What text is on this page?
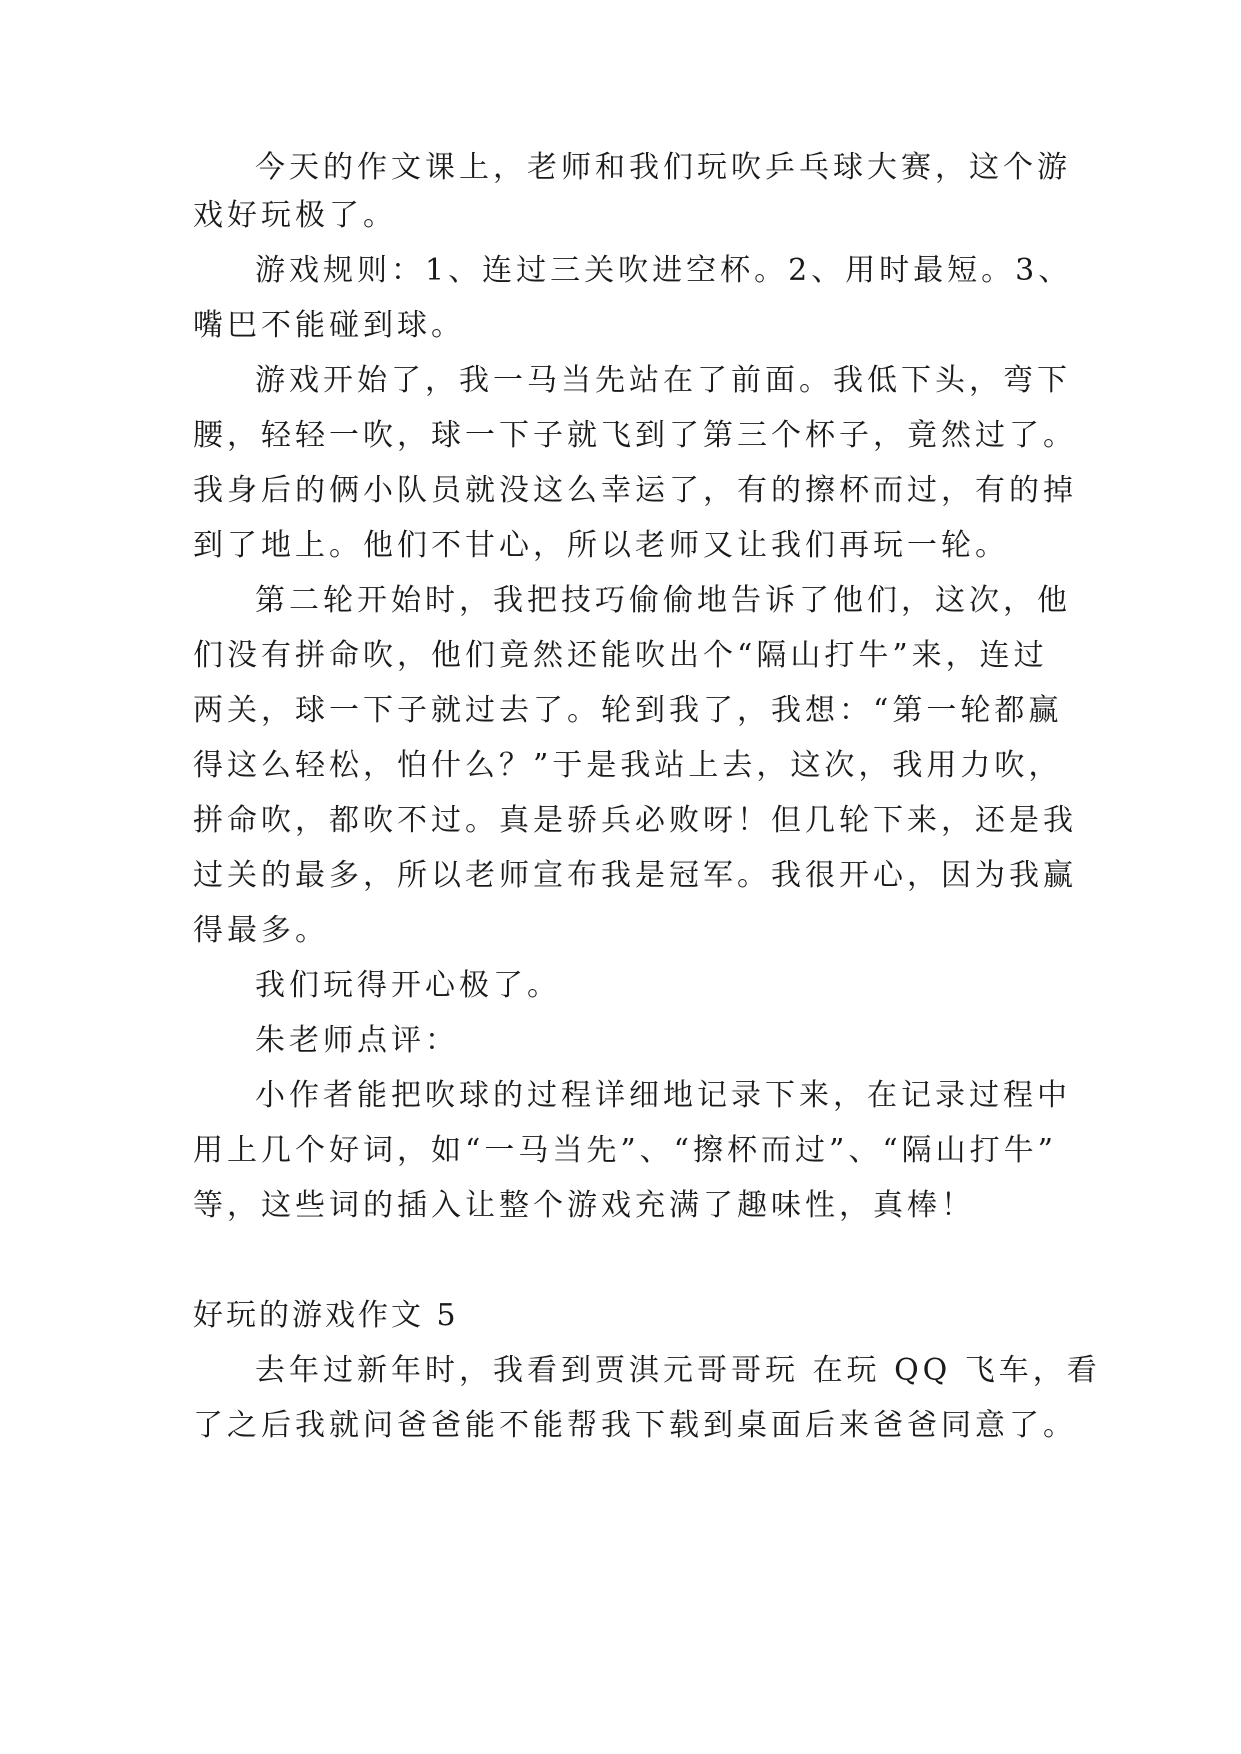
今天的作文课上，老师和我们玩吹乒乓球大赛，这个游
戏好玩极了。
游戏规则：1、连过三关吹进空杯。2、用时最短。3、
嘴巴不能碰到球。
游戏开始了，我一马当先站在了前面。我低下头，弯下
腰，轻轻一吹，球一下子就飞到了第三个杯子，竟然过了。
我身后的俩小队员就没这么幸运了，有的擦杯而过，有的掉
到了地上。他们不甘心，所以老师又让我们再玩一轮。
第二轮开始时，我把技巧偷偷地告诉了他们，这次，他
们没有拼命吹，他们竟然还能吹出个“隔山打牛”来，连过
两关，球一下子就过去了。轮到我了，我想：“第一轮都赢
得这么轻松，怕什么？”于是我站上去，这次，我用力吹，
拼命吹，都吹不过。真是骄兵必败呀！但几轮下来，还是我
过关的最多，所以老师宣布我是冠军。我很开心，因为我赢
得最多。
我们玩得开心极了。
朱老师点评：
小作者能把吹球的过程详细地记录下来，在记录过程中
用上几个好词，如“一马当先”、“擦杯而过”、“隔山打牛”
等，这些词的插入让整个游戏充满了趣味性，真棒！
好玩的游戏作文 5
去年过新年时，我看到贾淇元哥哥玩 在玩 QQ 飞车，看
了之后我就问爸爸能不能帮我下载到桌面后来爸爸同意了。
